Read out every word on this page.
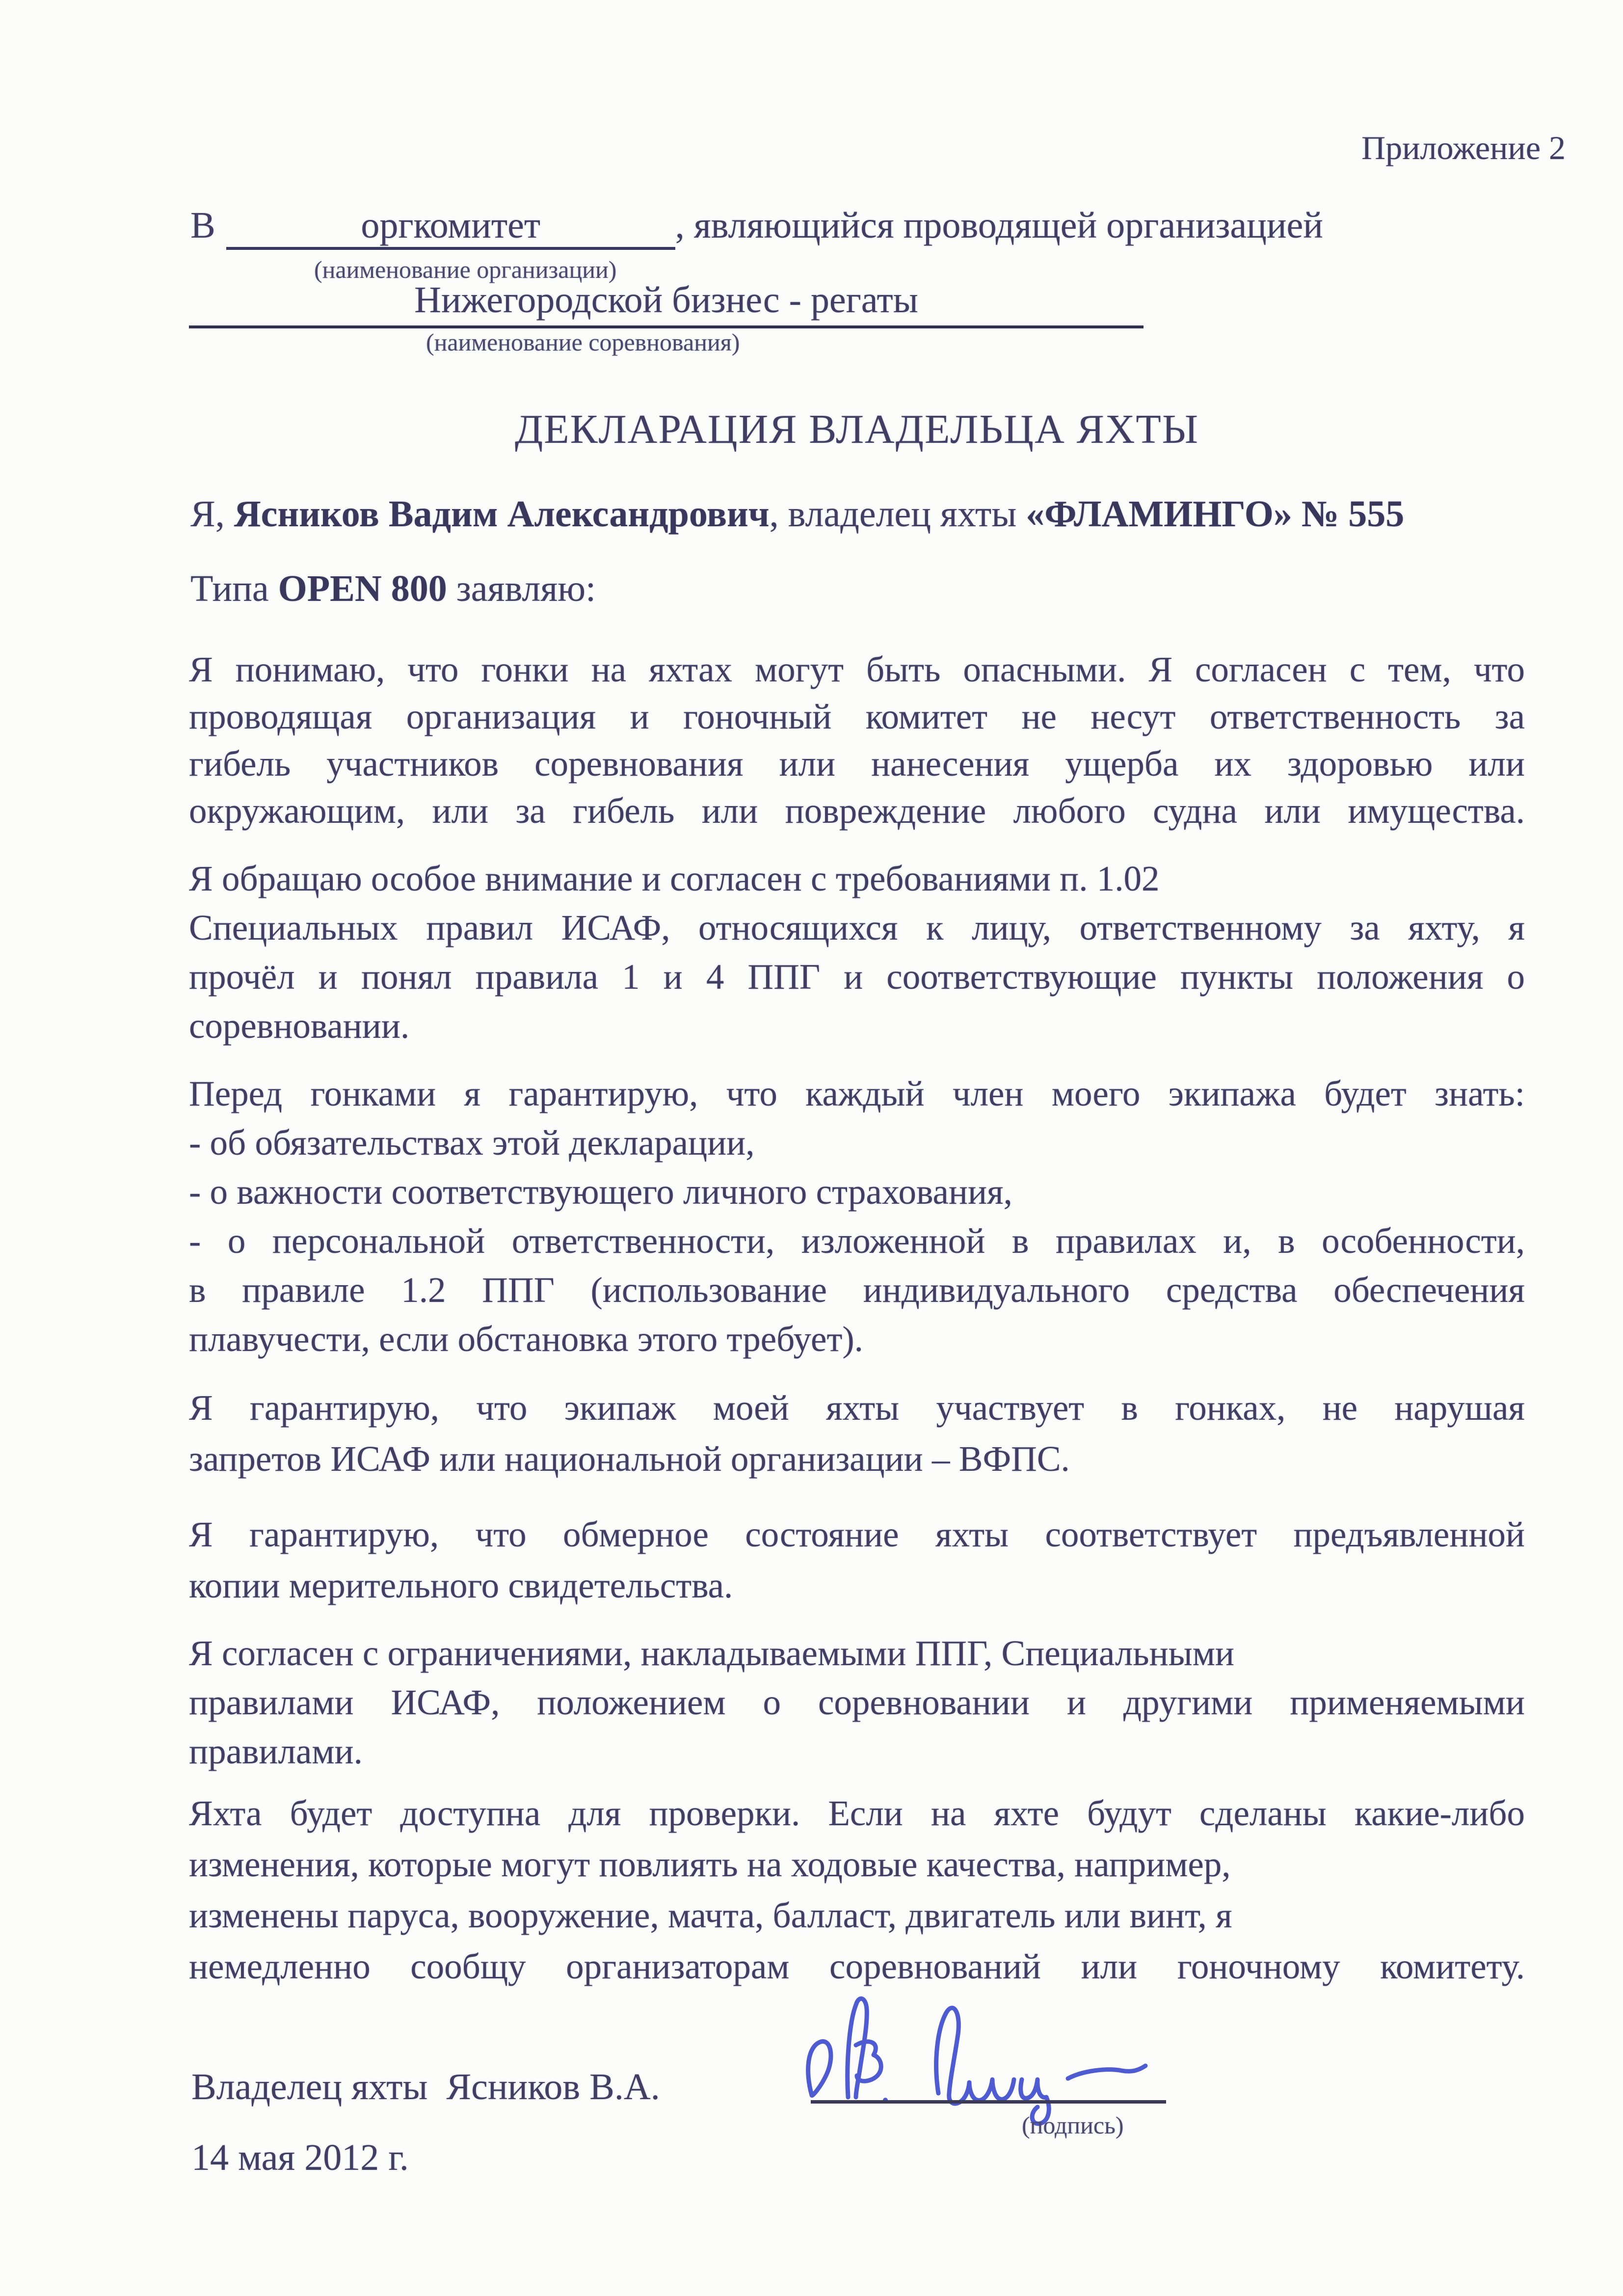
Приложение 2
В	оргкомитет	, являющийся проводящей организацией
(наименование организации)
Нижегородской бизнес - регаты
(наименование соревнования)
ДЕКЛАРАЦИЯ ВЛАДЕЛЬЦА ЯХТЫ
Я, Ясников Вадим Александрович, владелец яхты «ФЛАМИНГО» № 555
Типа OPEN 800 заявляю:
Я понимаю, что гонки на яхтах могут быть опасными. Я согласен с тем, что
проводящая организация и гоночный комитет не несут ответственность за
гибель участников соревнования или нанесения ущерба их здоровью или
окружающим, или за гибель или повреждение любого судна или имущества.
Я обращаю особое внимание и согласен с требованиями п. 1.02
Специальных правил ИСАФ, относящихся к лицу, ответственному за яхту, я
прочёл и понял правила 1 и 4 ППГ и соответствующие пункты положения о
соревновании.
Перед гонками я гарантирую, что каждый член моего экипажа будет знать:
- об обязательствах этой декларации,
- о важности соответствующего личного страхования,
- о персональной ответственности, изложенной в правилах и, в особенности,
в правиле 1.2 ППГ (использование индивидуального средства обеспечения
плавучести, если обстановка этого требует).
Я гарантирую, что экипаж моей яхты участвует в гонках, не нарушая
запретов ИСАФ или национальной организации – ВФПС.
Я гарантирую, что обмерное состояние яхты соответствует предъявленной
копии мерительного свидетельства.
Я согласен с ограничениями, накладываемыми ППГ, Специальными
правилами ИСАФ, положением о соревновании и другими применяемыми
правилами.
Яхта будет доступна для проверки. Если на яхте будут сделаны какие-либо
изменения, которые могут повлиять на ходовые качества, например,
изменены паруса, вооружение, мачта, балласт, двигатель или винт, я
немедленно сообщу организаторам соревнований или гоночному комитету.
Владелец яхты  Ясников В.А.
(подпись)
14 мая 2012 г.
